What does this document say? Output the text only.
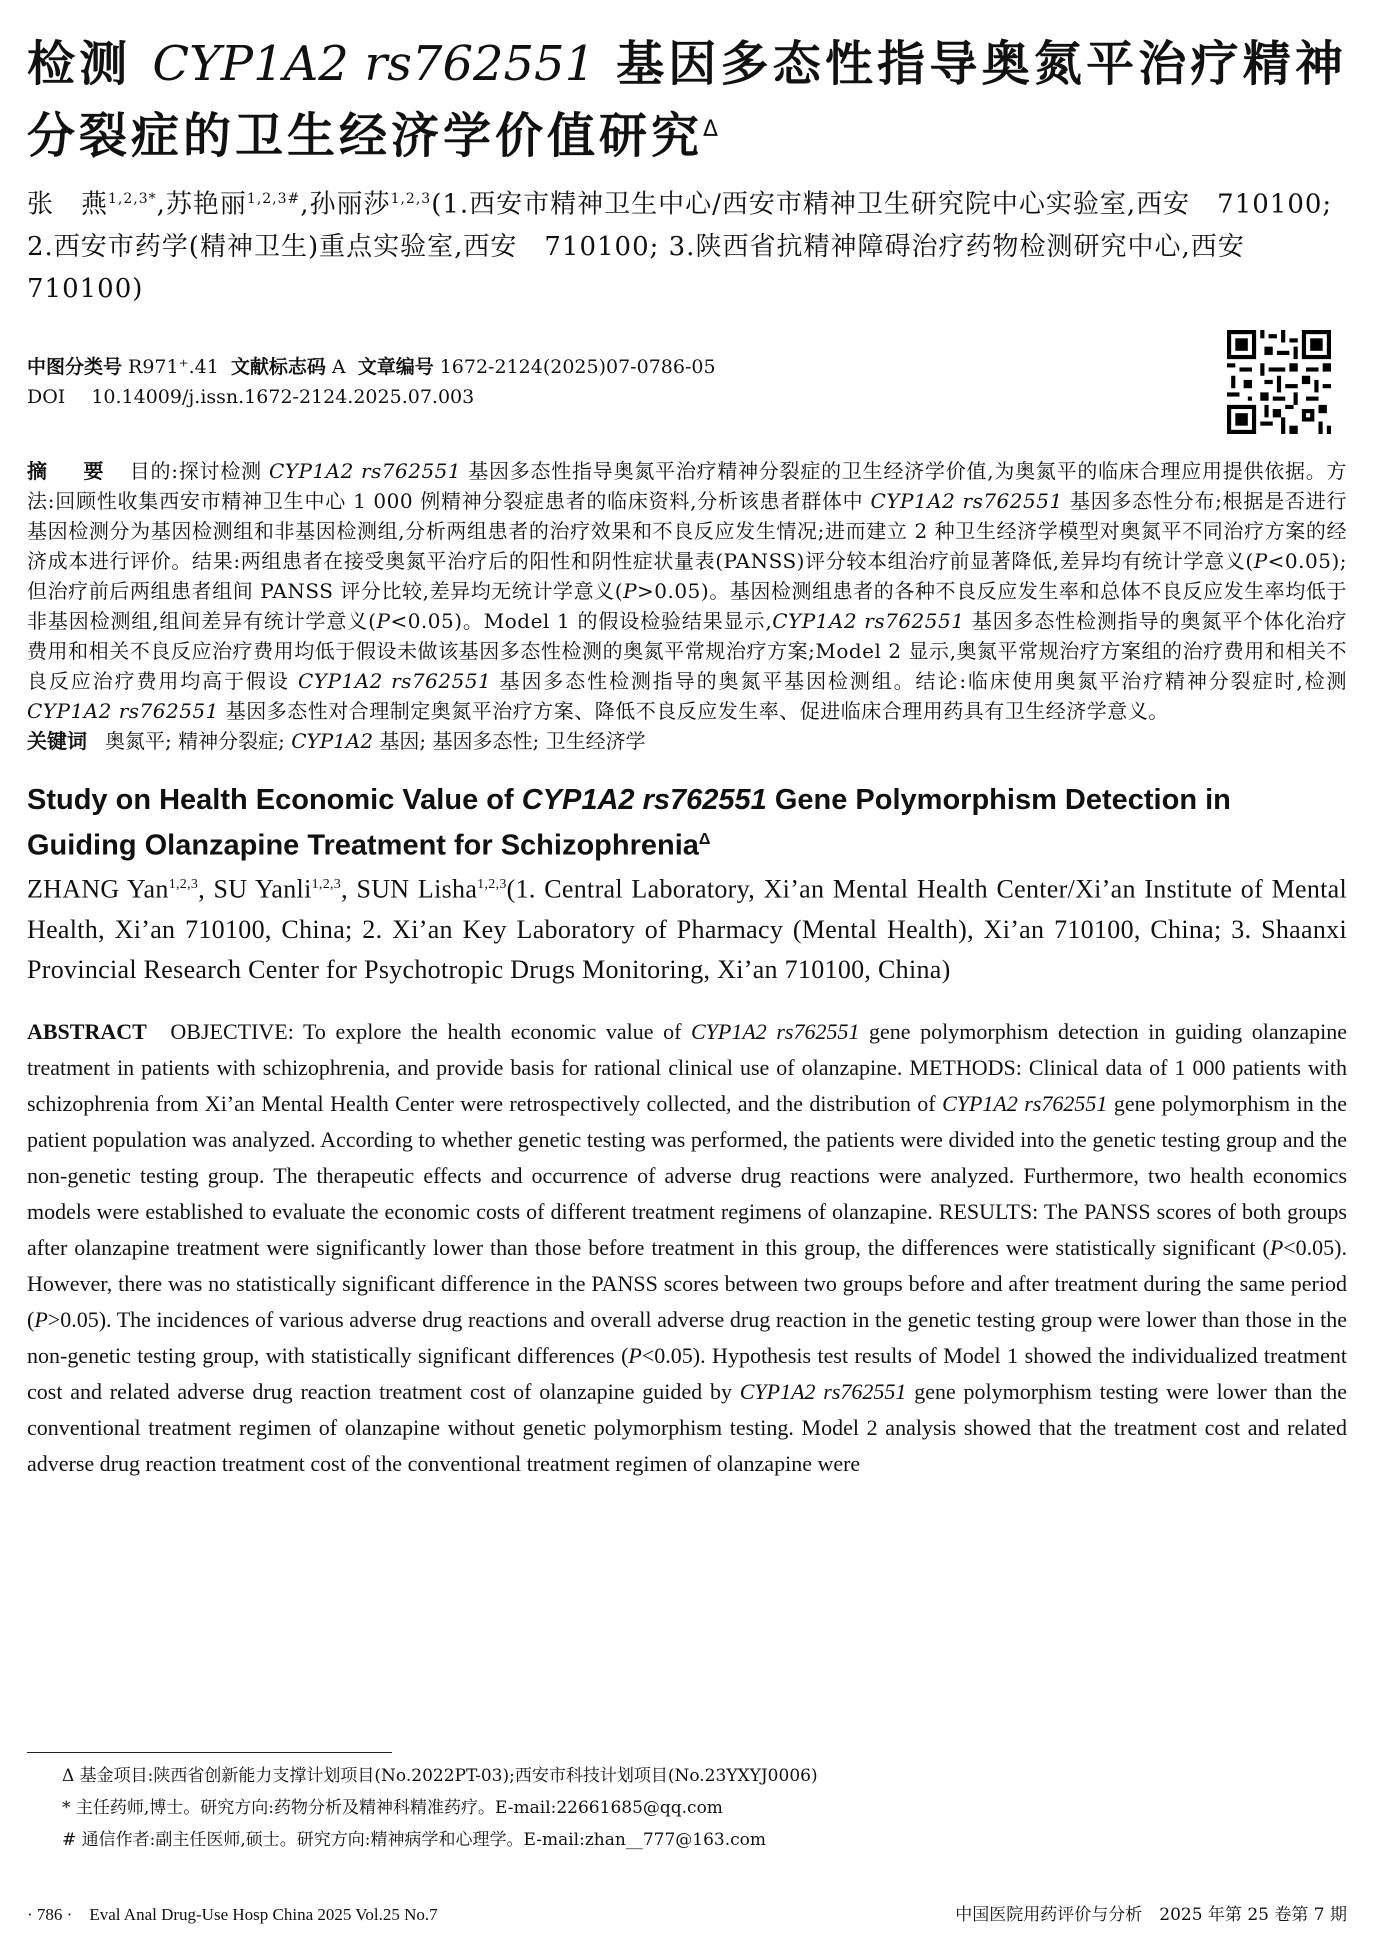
检测 CYP1A2 rs762551 基因多态性指导奥氮平治疗精神分裂症的卫生经济学价值研究$^\Delta$
张　燕$^{1,2,3*}$,苏艳丽$^{1,2,3\#}$,孙丽莎$^{1,2,3}$(1.西安市精神卫生中心/西安市精神卫生研究院中心实验室,西安　710100; 2.西安市药学(精神卫生)重点实验室,西安　710100; 3.陕西省抗精神障碍治疗药物检测研究中心,西安　710100)
中图分类号 R971⁺.41 文献标志码 A 文章编号 1672-2124(2025)07-0786-05
DOI 10.14009/j.issn.1672-2124.2025.07.003
摘　要 目的:探讨检测 CYP1A2 rs762551 基因多态性指导奥氮平治疗精神分裂症的卫生经济学价值,为奥氮平的临床合理应用提供依据。方法:回顾性收集西安市精神卫生中心 1 000 例精神分裂症患者的临床资料,分析该患者群体中 CYP1A2 rs762551 基因多态性分布;根据是否进行基因检测分为基因检测组和非基因检测组,分析两组患者的治疗效果和不良反应发生情况;进而建立 2 种卫生经济学模型对奥氮平不同治疗方案的经济成本进行评价。结果:两组患者在接受奥氮平治疗后的阳性和阴性症状量表(PANSS)评分较本组治疗前显著降低,差异均有统计学意义(P<0.05);但治疗前后两组患者组间 PANSS 评分比较,差异均无统计学意义(P>0.05)。基因检测组患者的各种不良反应发生率和总体不良反应发生率均低于非基因检测组,组间差异有统计学意义(P<0.05)。Model 1 的假设检验结果显示,CYP1A2 rs762551 基因多态性检测指导的奥氮平个体化治疗费用和相关不良反应治疗费用均低于假设未做该基因多态性检测的奥氮平常规治疗方案;Model 2 显示,奥氮平常规治疗方案组的治疗费用和相关不良反应治疗费用均高于假设 CYP1A2 rs762551 基因多态性检测指导的奥氮平基因检测组。结论:临床使用奥氮平治疗精神分裂症时,检测 CYP1A2 rs762551 基因多态性对合理制定奥氮平治疗方案、降低不良反应发生率、促进临床合理用药具有卫生经济学意义。
关键词 奥氮平; 精神分裂症; CYP1A2 基因; 基因多态性; 卫生经济学
Study on Health Economic Value of CYP1A2 rs762551 Gene Polymorphism Detection in Guiding Olanzapine Treatment for Schizophrenia$^\Delta$
ZHANG Yan$^{1,2,3}$, SU Yanli$^{1,2,3}$, SUN Lisha$^{1,2,3}$(1. Central Laboratory, Xi’an Mental Health Center/Xi’an Institute of Mental Health, Xi’an 710100, China; 2. Xi’an Key Laboratory of Pharmacy (Mental Health), Xi’an 710100, China; 3. Shaanxi Provincial Research Center for Psychotropic Drugs Monitoring, Xi’an 710100, China)
ABSTRACT OBJECTIVE: To explore the health economic value of CYP1A2 rs762551 gene polymorphism detection in guiding olanzapine treatment in patients with schizophrenia, and provide basis for rational clinical use of olanzapine. METHODS: Clinical data of 1 000 patients with schizophrenia from Xi’an Mental Health Center were retrospectively collected, and the distribution of CYP1A2 rs762551 gene polymorphism in the patient population was analyzed. According to whether genetic testing was performed, the patients were divided into the genetic testing group and the non-genetic testing group. The therapeutic effects and occurrence of adverse drug reactions were analyzed. Furthermore, two health economics models were established to evaluate the economic costs of different treatment regimens of olanzapine. RESULTS: The PANSS scores of both groups after olanzapine treatment were significantly lower than those before treatment in this group, the differences were statistically significant (P<0.05). However, there was no statistically significant difference in the PANSS scores between two groups before and after treatment during the same period (P>0.05). The incidences of various adverse drug reactions and overall adverse drug reaction in the genetic testing group were lower than those in the non-genetic testing group, with statistically significant differences (P<0.05). Hypothesis test results of Model 1 showed the individualized treatment cost and related adverse drug reaction treatment cost of olanzapine guided by CYP1A2 rs762551 gene polymorphism testing were lower than the conventional treatment regimen of olanzapine without genetic polymorphism testing. Model 2 analysis showed that the treatment cost and related adverse drug reaction treatment cost of the conventional treatment regimen of olanzapine were
Δ 基金项目:陕西省创新能力支撑计划项目(No.2022PT-03);西安市科技计划项目(No.23YXYJ0006)
* 主任药师,博士。研究方向:药物分析及精神科精准药疗。E-mail:22661685@qq.com
# 通信作者:副主任医师,硕士。研究方向:精神病学和心理学。E-mail:zhan__777@163.com
· 786 ·　Eval Anal Drug-Use Hosp China 2025 Vol.25 No.7	中国医院用药评价与分析　2025 年第 25 卷第 7 期
